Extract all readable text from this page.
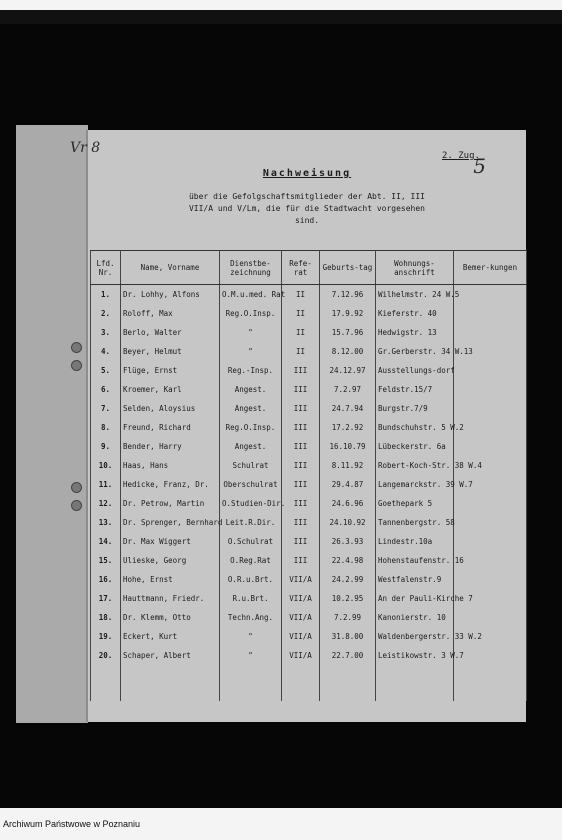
Vr 8
5
2. Zug.
Nachweisung
über die Gefolgschaftsmitglieder der Abt. II, III
VII/A und V/Lm, die für die Stadtwacht vorgesehen
sind.
Lfd. Nr.	Name, Vorname	Dienstbe-zeichnung	Refe-rat	Geburts-tag	Wohnungs-anschrift	Bemer-kungen
1.	Dr. Lohhy, Alfons	O.M.u.med. Rat	II	7.12.96	Wilhelmstr. 24 W.5	
2.	Roloff, Max	Reg.O.Insp.	II	17.9.92	Kieferstr. 40	
3.	Berlo, Walter	"	II	15.7.96	Hedwigstr. 13	
4.	Beyer, Helmut	"	II	8.12.00	Gr.Gerberstr. 34 W.13	
5.	Flüge, Ernst	Reg.-Insp.	III	24.12.97	Ausstellungs-dorf	
6.	Kroemer, Karl	Angest.	III	7.2.97	Feldstr.15/7	
7.	Selden, Aloysius	Angest.	III	24.7.94	Burgstr.7/9	
8.	Freund, Richard	Reg.O.Insp.	III	17.2.92	Bundschuhstr. 5 W.2	
9.	Bender, Harry	Angest.	III	16.10.79	Lübeckerstr. 6a	
10.	Haas, Hans	Schulrat	III	8.11.92	Robert-Koch-Str. 38 W.4	
11.	Hedicke, Franz, Dr.	Oberschulrat	III	29.4.87	Langemarckstr. 39 W.7	
12.	Dr. Petrow, Martin	O.Studien-Dir.	III	24.6.96	Goethepark 5	
13.	Dr. Sprenger, Bernhard	Leit.R.Dir.	III	24.10.92	Tannenbergstr. 58	
14.	Dr. Max Wiggert	O.Schulrat	III	26.3.93	Lindestr.10a	
15.	Ulieske, Georg	O.Reg.Rat	III	22.4.98	Hohenstaufenstr. 16	
16.	Hohe, Ernst	O.R.u.Brt.	VII/A	24.2.99	Westfalenstr.9	
17.	Hauttmann, Friedr.	R.u.Brt.	VII/A	10.2.95	An der Pauli-Kirche 7	
18.	Dr. Klemm, Otto	Techn.Ang.	VII/A	7.2.99	Kanonierstr. 10	
19.	Eckert, Kurt	"	VII/A	31.8.00	Waldenbergerstr. 33 W.2	
20.	Schaper, Albert	"	VII/A	22.7.00	Leistikowstr. 3 W.7	

Archiwum Państwowe w Poznaniu
